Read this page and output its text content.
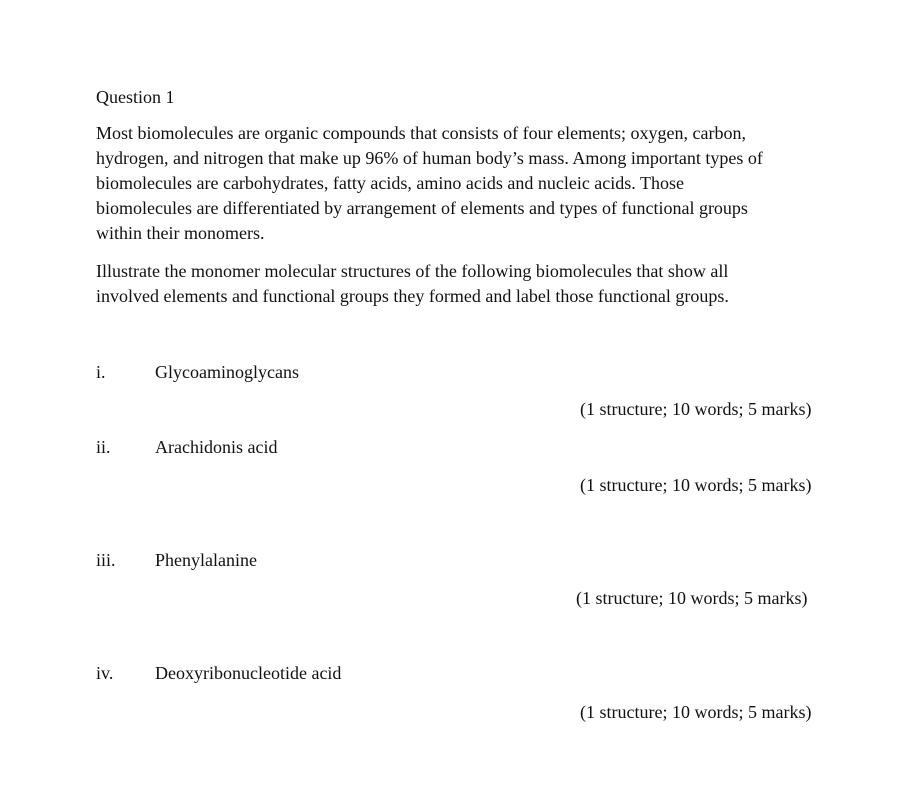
Question 1

Most biomolecules are organic compounds that consists of four elements; oxygen, carbon,
hydrogen, and nitrogen that make up 96% of human body’s mass. Among important types of
biomolecules are carbohydrates, fatty acids, amino acids and nucleic acids. Those
biomolecules are differentiated by arrangement of elements and types of functional groups
within their monomers.

Illustrate the monomer molecular structures of the following biomolecules that show all
involved elements and functional groups they formed and label those functional groups.

i.	Glycoaminoglycans
(1 structure; 10 words; 5 marks)
ii. Arachidonis acid
(1 structure; 10 words; 5 marks)
iii. Phenylalanine
(1 structure; 10 words; 5 marks)
iv. Deoxyribonucleotide acid
(1 structure; 10 words; 5 marks)
